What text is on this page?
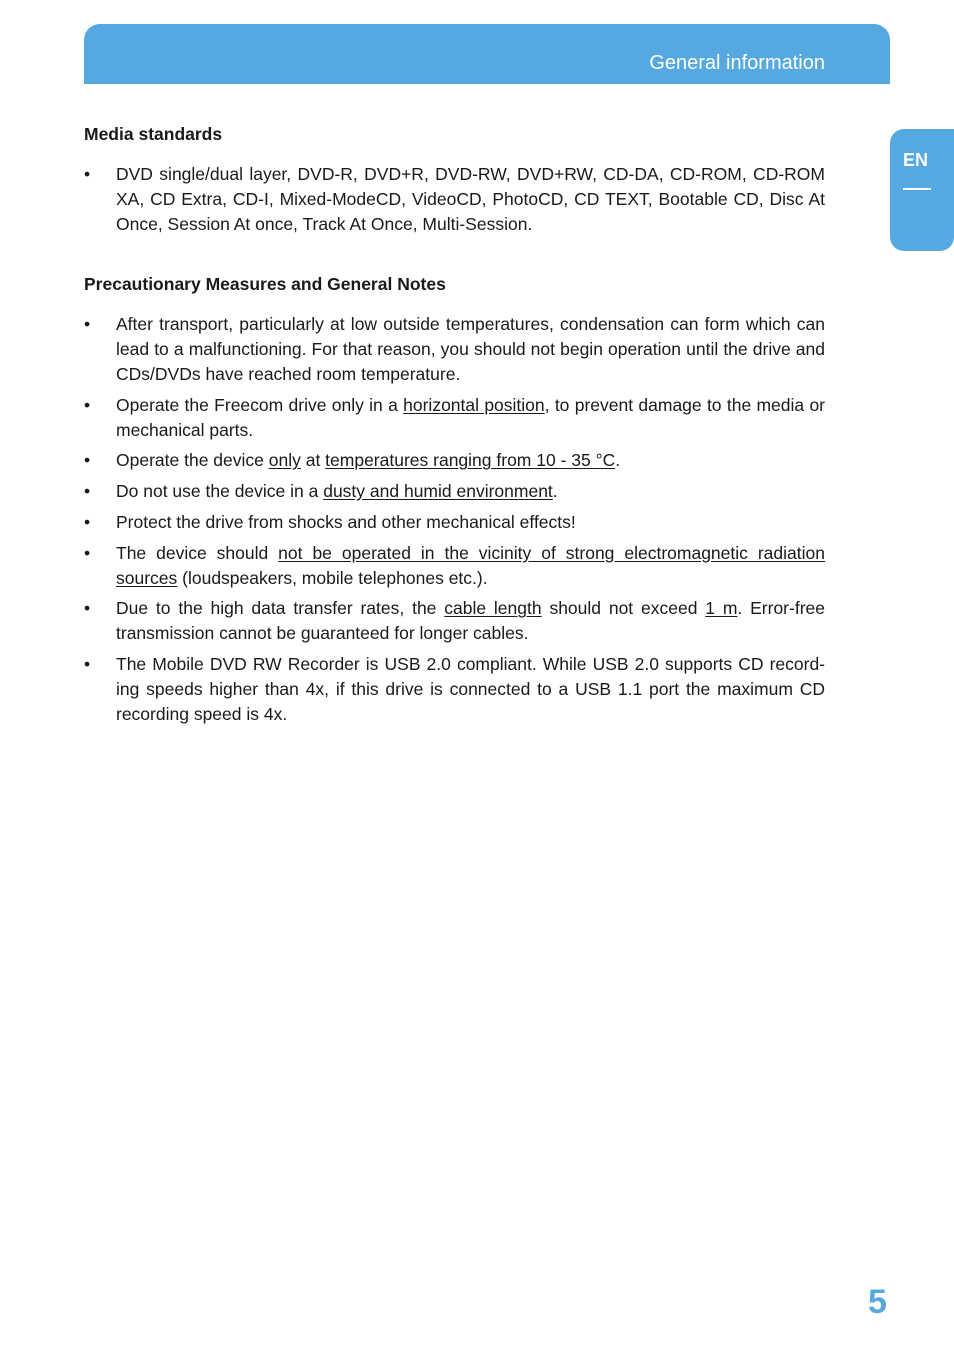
General information
EN
Media standards
• DVD single/dual layer, DVD-R, DVD+R, DVD-RW, DVD+RW, CD-DA, CD-ROM, CD-ROM XA, CD Extra, CD-I, Mixed-ModeCD, VideoCD, PhotoCD, CD TEXT, Bootable CD, Disc At Once, Session At once, Track At Once, Multi-Session.
Precautionary Measures and General Notes
• After transport, particularly at low outside temperatures, condensation can form which can lead to a malfunctioning. For that reason, you should not begin operation until the drive and CDs/DVDs have reached room temperature.
• Operate the Freecom drive only in a horizontal position, to prevent damage to the media or mechanical parts.
• Operate the device only at temperatures ranging from 10 - 35 °C.
• Do not use the device in a dusty and humid environment.
• Protect the drive from shocks and other mechanical effects!
• The device should not be operated in the vicinity of strong electromagnetic radiation sources (loudspeakers, mobile telephones etc.).
• Due to the high data transfer rates, the cable length should not exceed 1 m. Error-free transmission cannot be guaranteed for longer cables.
• The Mobile DVD RW Recorder is USB 2.0 compliant. While USB 2.0 supports CD record-ing speeds higher than 4x, if this drive is connected to a USB 1.1 port the maximum CD recording speed is 4x.
5
